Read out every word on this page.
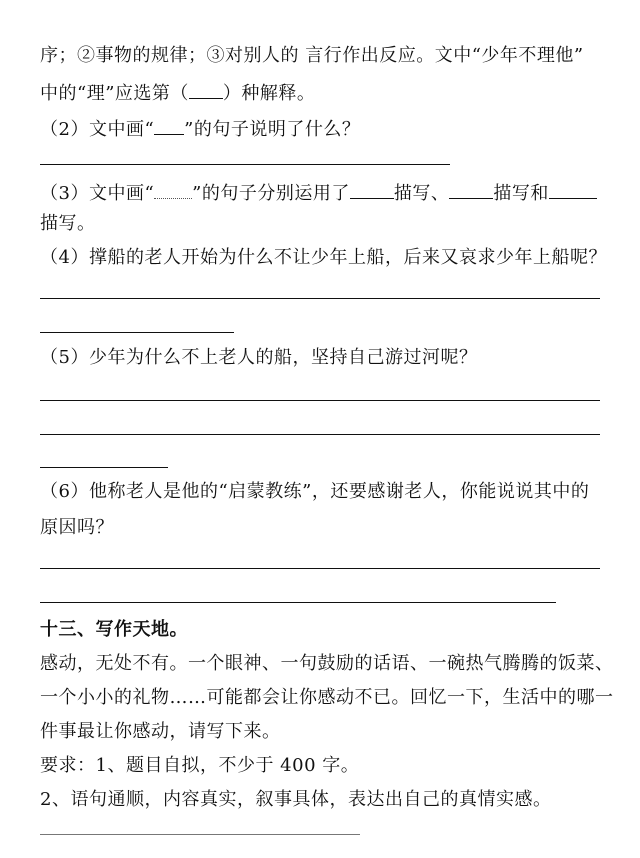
序；②事物的规律；③对别人的 言行作出反应。文中“少年不理他”
中的“理”应选第（ ）种解释。
（2）文中画“ ”的句子说明了什么？
（3）文中画“ ”的句子分别运用了 描写、 描写和
描写。
（4）撑船的老人开始为什么不让少年上船，后来又哀求少年上船呢？
（5）少年为什么不上老人的船，坚持自己游过河呢？
（6）他称老人是他的“启蒙教练”，还要感谢老人，你能说说其中的
原因吗？
十三、写作天地。
感动，无处不有。一个眼神、一句鼓励的话语、一碗热气腾腾的饭菜、
一个小小的礼物……可能都会让你感动不已。回忆一下，生活中的哪一
件事最让你感动，请写下来。
要求：1、题目自拟，不少于 400 字。
2、语句通顺，内容真实，叙事具体，表达出自己的真情实感。
